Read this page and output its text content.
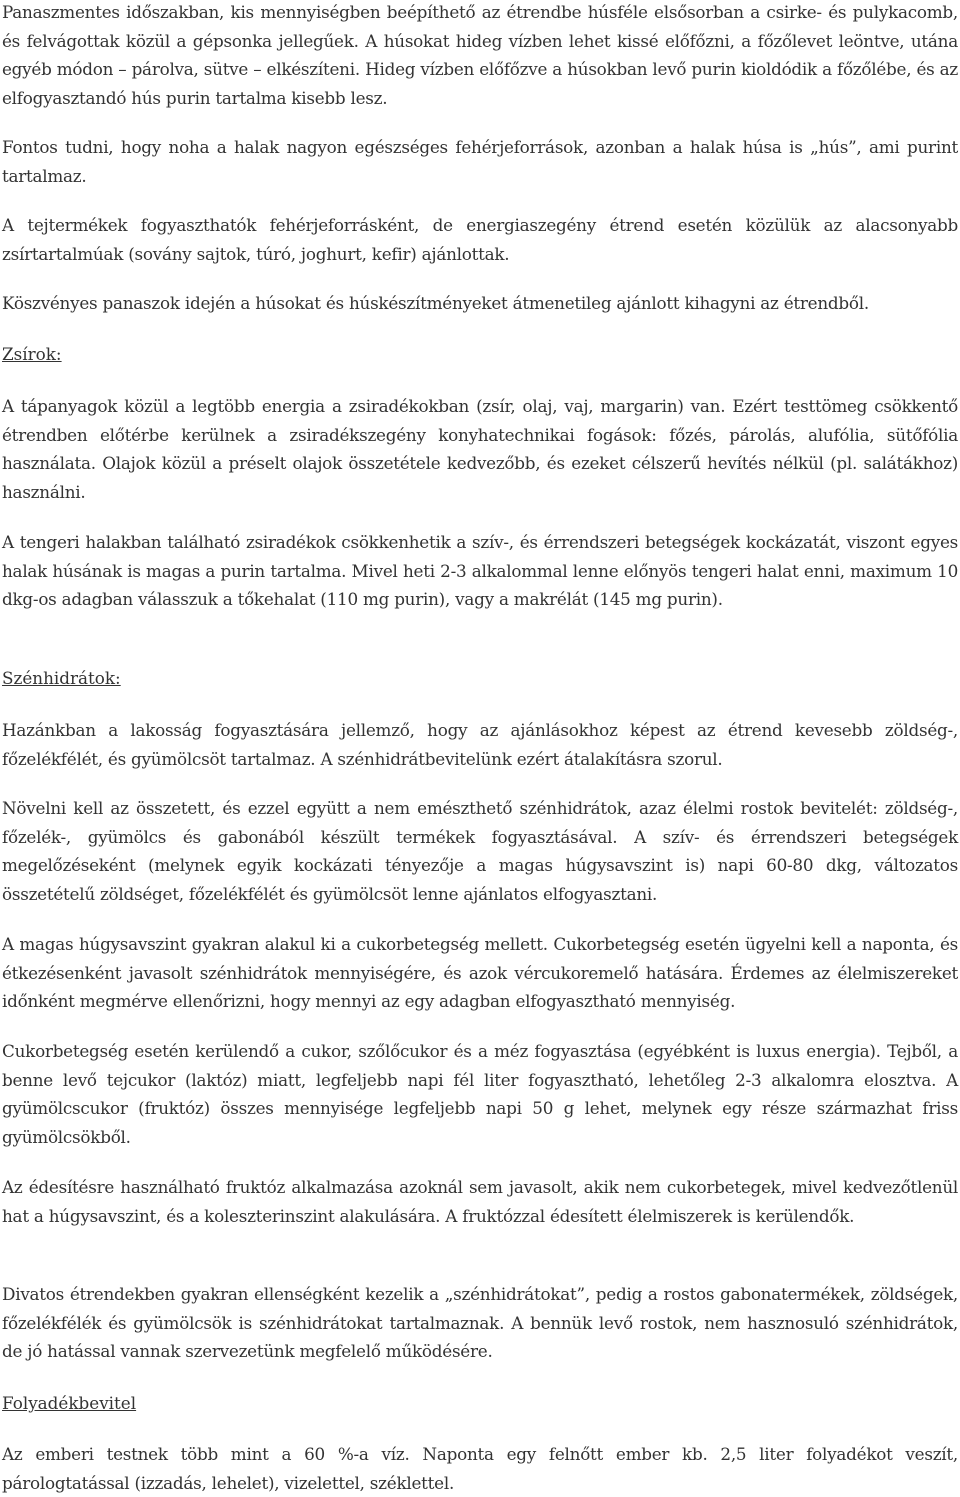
Panaszmentes időszakban, kis mennyiségben beépíthető az étrendbe húsféle elsősorban a csirke- és pulykacomb, és felvágottak közül a gépsonka jellegűek. A húsokat hideg vízben lehet kissé előfőzni, a főzőlevet leöntve, utána egyéb módon – párolva, sütve – elkészíteni. Hideg vízben előfőzve a húsokban levő purin kioldódik a főzőlébe, és az elfogyasztandó hús purin tartalma kisebb lesz.

Fontos tudni, hogy noha a halak nagyon egészséges fehérjeforrások, azonban a halak húsa is „hús”, ami purint tartalmaz.

A tejtermékek fogyaszthatók fehérjeforrásként, de energiaszegény étrend esetén közülük az alacsonyabb zsírtartalmúak (sovány sajtok, túró, joghurt, kefir) ajánlottak.

Köszvényes panaszok idején a húsokat és húskészítményeket átmenetileg ajánlott kihagyni az étrendből.

Zsírok:

A tápanyagok közül a legtöbb energia a zsiradékokban (zsír, olaj, vaj, margarin) van. Ezért testtömeg csökkentő étrendben előtérbe kerülnek a zsiradékszegény konyhatechnikai fogások: főzés, párolás, alufólia, sütőfólia használata. Olajok közül a préselt olajok összetétele kedvezőbb, és ezeket célszerű hevítés nélkül (pl. salátákhoz) használni.

A tengeri halakban található zsiradékok csökkenhetik a szív-, és érrendszeri betegségek kockázatát, viszont egyes halak húsának is magas a purin tartalma. Mivel heti 2-3 alkalommal lenne előnyös tengeri halat enni, maximum 10 dkg-os adagban válasszuk a tőkehalat (110 mg purin), vagy a makrélát (145 mg purin).

Szénhidrátok:

Hazánkban a lakosság fogyasztására jellemző, hogy az ajánlásokhoz képest az étrend kevesebb zöldség-, főzelékfélét, és gyümölcsöt tartalmaz. A szénhidrátbevitelünk ezért átalakításra szorul.

Növelni kell az összetett, és ezzel együtt a nem emészthető szénhidrátok, azaz élelmi rostok bevitelét: zöldség-, főzelék-, gyümölcs és gabonából készült termékek fogyasztásával. A szív- és érrendszeri betegségek megelőzéseként (melynek egyik kockázati tényezője a magas húgysavszint is) napi 60-80 dkg, változatos összetételű zöldséget, főzelékfélét és gyümölcsöt lenne ajánlatos elfogyasztani.

A magas húgysavszint gyakran alakul ki a cukorbetegség mellett. Cukorbetegség esetén ügyelni kell a naponta, és étkezésenként javasolt szénhidrátok mennyiségére, és azok vércukoremelő hatására. Érdemes az élelmiszereket időnként megmérve ellenőrizni, hogy mennyi az egy adagban elfogyasztható mennyiség.

Cukorbetegség esetén kerülendő a cukor, szőlőcukor és a méz fogyasztása (egyébként is luxus energia). Tejből, a benne levő tejcukor (laktóz) miatt, legfeljebb napi fél liter fogyasztható, lehetőleg 2-3 alkalomra elosztva. A gyümölcscukor (fruktóz) összes mennyisége legfeljebb napi 50 g lehet, melynek egy része származhat friss gyümölcsökből.

Az édesítésre használható fruktóz alkalmazása azoknál sem javasolt, akik nem cukorbetegek, mivel kedvezőtlenül hat a húgysavszint, és a koleszterinszint alakulására. A fruktózzal édesített élelmiszerek is kerülendők.

Divatos étrendekben gyakran ellenségként kezelik a „szénhidrátokat”, pedig a rostos gabonatermékek, zöldségek, főzelékfélék és gyümölcsök is szénhidrátokat tartalmaznak. A bennük levő rostok, nem hasznosuló szénhidrátok, de jó hatással vannak szervezetünk megfelelő működésére.

Folyadékbevitel

Az emberi testnek több mint a 60 %-a víz. Naponta egy felnőtt ember kb. 2,5 liter folyadékot veszít, párologtatással (izzadás, lehelet), vizelettel, széklettel.
